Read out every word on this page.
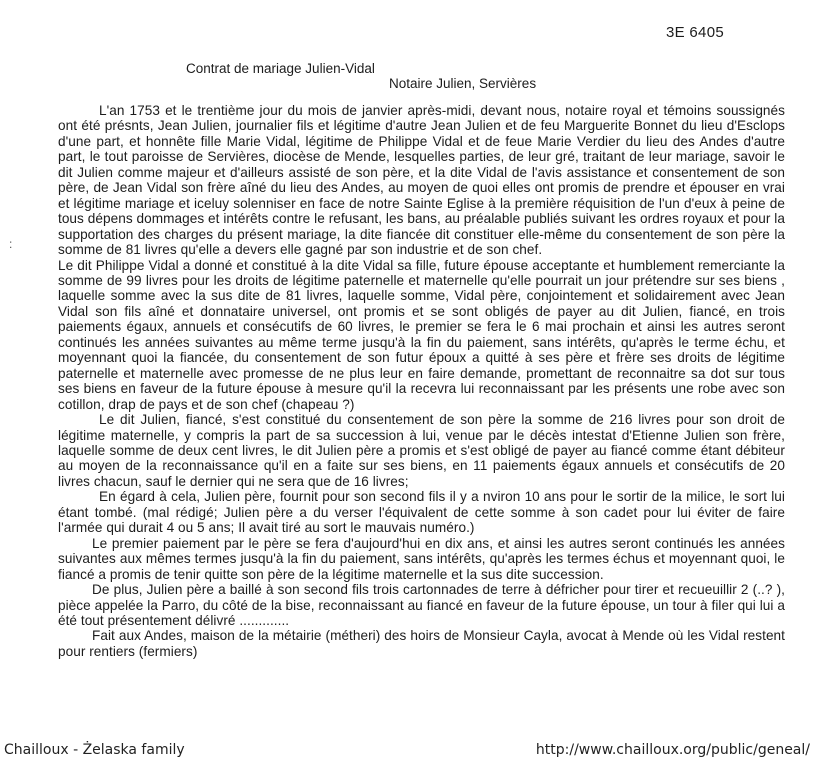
3E 6405
Contrat de mariage Julien-Vidal
Notaire Julien, Servières
:

L'an 1753 et le trentième jour du mois de janvier après-midi, devant nous, notaire royal et témoins soussignés ont été présnts, Jean Julien, journalier fils et légitime d'autre Jean Julien et de feu Marguerite Bonnet du lieu d'Esclops d'une part, et honnête fille Marie Vidal, légitime de Philippe Vidal et de feue Marie Verdier du lieu des Andes d'autre part, le tout paroisse de Servières, diocèse de Mende, lesquelles parties, de leur gré, traitant de leur mariage, savoir le dit Julien comme majeur et d'ailleurs assisté de son père, et la dite Vidal de l'avis assistance et consentement de son père, de Jean Vidal son frère aîné du lieu des Andes, au moyen de quoi elles ont promis de prendre et épouser en vrai et légitime mariage et iceluy solenniser en face de notre Sainte Eglise à la première réquisition de l'un d'eux à peine de tous dépens dommages et intérêts contre le refusant, les bans, au préalable publiés suivant les ordres royaux et pour la supportation des charges du présent mariage, la dite fiancée dit constituer elle-même du consentement de son père la somme de 81 livres qu'elle a devers elle gagné par son industrie et de son chef.

Le dit Philippe Vidal a donné et constitué à la dite Vidal sa fille, future épouse acceptante et humblement remerciante la somme de 99 livres pour les droits de légitime paternelle et maternelle qu'elle pourrait un jour prétendre sur ses biens , laquelle somme avec la sus dite de 81 livres, laquelle somme, Vidal père, conjointement et solidairement avec Jean Vidal son fils aîné et donnataire universel, ont promis et se sont obligés de payer au dit Julien, fiancé, en trois paiements égaux, annuels et consécutifs de 60 livres, le premier se fera le 6 mai prochain et ainsi les autres seront continués les années suivantes au même terme jusqu'à la fin du paiement, sans intérêts, qu'après le terme échu, et moyennant quoi la fiancée, du consentement de son futur époux a quitté à ses père et frère ses droits de légitime paternelle et maternelle avec promesse de ne plus leur en faire demande, promettant de reconnaitre sa dot sur tous ses biens en faveur de la future épouse à mesure qu'il la recevra lui reconnaissant par les présents une robe avec son cotillon, drap de pays et de son chef (chapeau ?)

Le dit Julien, fiancé, s'est constitué du consentement de son père la somme de 216 livres pour son droit de légitime maternelle, y compris la part de sa succession à lui, venue par le décès intestat d'Etienne Julien son frère, laquelle somme de deux cent livres, le dit Julien père a promis et s'est obligé de payer au fiancé comme étant débiteur au moyen de la reconnaissance qu'il en a faite sur ses biens, en 11 paiements égaux annuels et consécutifs de 20 livres chacun, sauf le dernier qui ne sera que de 16 livres;

En égard à cela, Julien père, fournit pour son second fils il y a nviron 10 ans pour le sortir de la milice, le sort lui étant tombé. (mal rédigé; Julien père a du verser l'équivalent de cette somme à son cadet pour lui éviter de faire l'armée qui durait 4 ou 5 ans; Il avait tiré au sort le mauvais numéro.)

Le premier paiement par le père se fera d'aujourd'hui en dix ans, et ainsi les autres seront continués les années suivantes aux mêmes termes jusqu'à la fin du paiement, sans intérêts, qu'après les termes échus et moyennant quoi, le fiancé a promis de tenir quitte son père de la légitime maternelle et la sus dite succession.

De plus, Julien père a baillé à son second fils trois cartonnades de terre à défricher pour tirer et recueuillir 2 (..? ), pièce appelée la Parro, du côté de la bise, reconnaissant au fiancé en faveur de la future épouse, un tour à filer qui lui a été tout présentement délivré .............

Fait aux Andes, maison de la métairie (métheri) des hoirs de Monsieur Cayla, avocat à Mende où les Vidal restent pour rentiers (fermiers)

Chailloux - Żelaska family	http://www.chailloux.org/public/geneal/
